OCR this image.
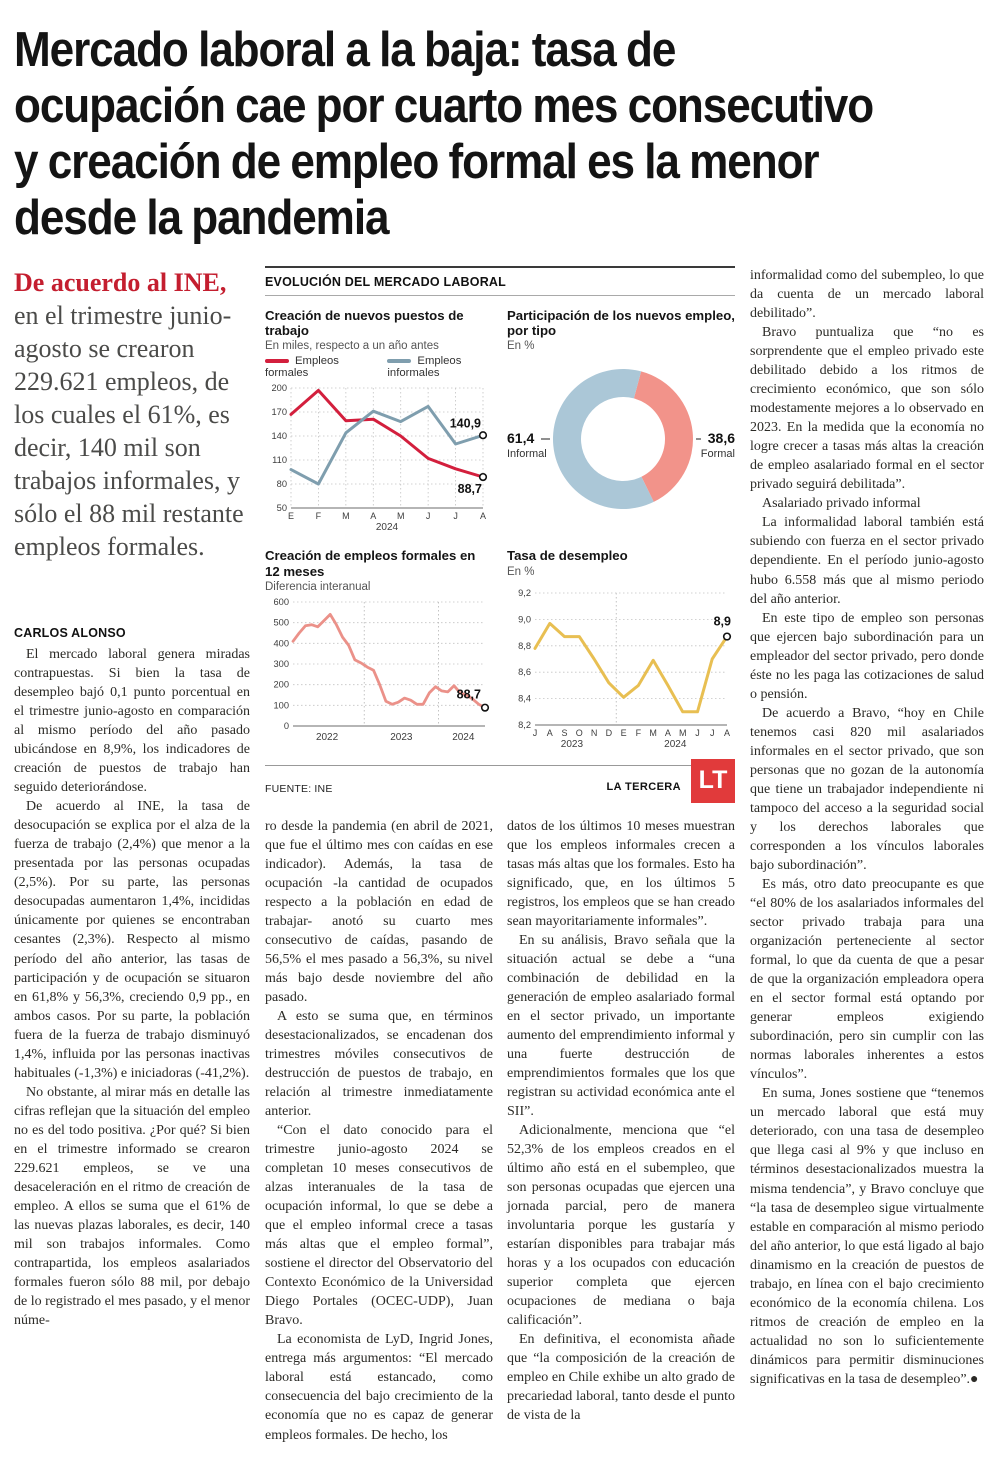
Mercado laboral a la baja: tasa de
ocupación cae por cuarto mes consecutivo
y creación de empleo formal es la menor
desde la pandemia
De acuerdo al INE, en el trimestre junio-agosto se crearon 229.621 empleos, de los cuales el 61%, es decir, 140 mil son trabajos informales, y sólo el 88 mil restante empleos formales.
CARLOS ALONSO

El mercado laboral genera miradas contrapuestas. Si bien la tasa de desempleo bajó 0,1 punto porcentual en el trimestre junio-agosto en comparación al mismo período del año pasado ubicándose en 8,9%, los indicadores de creación de puestos de trabajo han seguido deteriorándose.

De acuerdo al INE, la tasa de desocupación se explica por el alza de la fuerza de trabajo (2,4%) que menor a la presentada por las personas ocupadas (2,5%). Por su parte, las personas desocupadas aumentaron 1,4%, incididas únicamente por quienes se encontraban cesantes (2,3%). Respecto al mismo período del año anterior, las tasas de participación y de ocupación se situaron en 61,8% y 56,3%, creciendo 0,9 pp., en ambos casos. Por su parte, la población fuera de la fuerza de trabajo disminuyó 1,4%, influida por las personas inactivas habituales (-1,3%) e iniciadoras (-41,2%).

No obstante, al mirar más en detalle las cifras reflejan que la situación del empleo no es del todo positiva. ¿Por qué? Si bien en el trimestre informado se crearon 229.621 empleos, se ve una desaceleración en el ritmo de creación de empleo. A ellos se suma que el 61% de las nuevas plazas laborales, es decir, 140 mil son trabajos informales. Como contrapartida, los empleos asalariados formales fueron sólo 88 mil, por debajo de lo registrado el mes pasado, y el menor núme-

EVOLUCIÓN DEL MERCADO LABORAL
Creación de nuevos puestos de trabajo
En miles, respecto a un año antes
Empleos formales
Empleos informales
200
170
140
110
80
50
E F M A M J	J A
2024
140,9
88,7
Participación de los nuevos empleo, por tipo
En %
38,6
Formal
61,4
Informal
Creación de empleos formales en 12 meses
Diferencia interanual
600
500
400
300
200
100
0
2022	2023	2024
88,7
Tasa de desempleo
En %
9,2
9,0
8,8
8,6
8,4
8,2
J A S O N D E F M A M J J A
2023	2024
8,9
FUENTE: INE	LA TERCERA LT

ro desde la pandemia (en abril de 2021, que fue el último mes con caídas en ese indicador). Además, la tasa de ocupación -la cantidad de ocupados respecto a la población en edad de trabajar- anotó su cuarto mes consecutivo de caídas, pasando de 56,5% el mes pasado a 56,3%, su nivel más bajo desde noviembre del año pasado.

A esto se suma que, en términos desestacionalizados, se encadenan dos trimestres móviles consecutivos de destrucción de puestos de trabajo, en relación al trimestre inmediatamente anterior.

“Con el dato conocido para el trimestre junio-agosto 2024 se completan 10 meses consecutivos de alzas interanuales de la tasa de ocupación informal, lo que se debe a que el empleo informal crece a tasas más altas que el empleo formal”, sostiene el director del Observatorio del Contexto Económico de la Universidad Diego Portales (OCEC-UDP), Juan Bravo.

La economista de LyD, Ingrid Jones, entrega más argumentos: “El mercado laboral está estancado, como consecuencia del bajo crecimiento de la economía que no es capaz de generar empleos formales. De hecho, los

datos de los últimos 10 meses muestran que los empleos informales crecen a tasas más altas que los formales. Esto ha significado, que, en los últimos 5 registros, los empleos que se han creado sean mayoritariamente informales”.

En su análisis, Bravo señala que la situación actual se debe a “una combinación de debilidad en la generación de empleo asalariado formal en el sector privado, un importante aumento del emprendimiento informal y una fuerte destrucción de emprendimientos formales que los que registran su actividad económica ante el SII”.

Adicionalmente, menciona que “el 52,3% de los empleos creados en el último año está en el subempleo, que son personas ocupadas que ejercen una jornada parcial, pero de manera involuntaria porque les gustaría y estarían disponibles para trabajar más horas y a los ocupados con educación superior completa que ejercen ocupaciones de mediana o baja calificación”.

En definitiva, el economista añade que “la composición de la creación de empleo en Chile exhibe un alto grado de precariedad laboral, tanto desde el punto de vista de la

informalidad como del subempleo, lo que da cuenta de un mercado laboral debilitado”.

Bravo puntualiza que “no es sorprendente que el empleo privado este debilitado debido a los ritmos de crecimiento económico, que son sólo modestamente mejores a lo observado en 2023. En la medida que la economía no logre crecer a tasas más altas la creación de empleo asalariado formal en el sector privado seguirá debilitada”.

Asalariado privado informal

La informalidad laboral también está subiendo con fuerza en el sector privado dependiente. En el período junio-agosto hubo 6.558 más que al mismo periodo del año anterior.

En este tipo de empleo son personas que ejercen bajo subordinación para un empleador del sector privado, pero donde éste no les paga las cotizaciones de salud o pensión.

De acuerdo a Bravo, “hoy en Chile tenemos casi 820 mil asalariados informales en el sector privado, que son personas que no gozan de la autonomía que tiene un trabajador independiente ni tampoco del acceso a la seguridad social y los derechos laborales que corresponden a los vínculos laborales bajo subordinación”.

Es más, otro dato preocupante es que “el 80% de los asalariados informales del sector privado trabaja para una organización perteneciente al sector formal, lo que da cuenta de que a pesar de que la organización empleadora opera en el sector formal está optando por generar empleos exigiendo subordinación, pero sin cumplir con las normas laborales inherentes a estos vínculos”.

En suma, Jones sostiene que “tenemos un mercado laboral que está muy deteriorado, con una tasa de desempleo que llega casi al 9% y que incluso en términos desestacionalizados muestra la misma tendencia”, y Bravo concluye que “la tasa de desempleo sigue virtualmente estable en comparación al mismo periodo del año anterior, lo que está ligado al bajo dinamismo en la creación de puestos de trabajo, en línea con el bajo crecimiento económico de la economía chilena. Los ritmos de creación de empleo en la actualidad no son lo suficientemente dinámicos para permitir disminuciones significativas en la tasa de desempleo”.●
